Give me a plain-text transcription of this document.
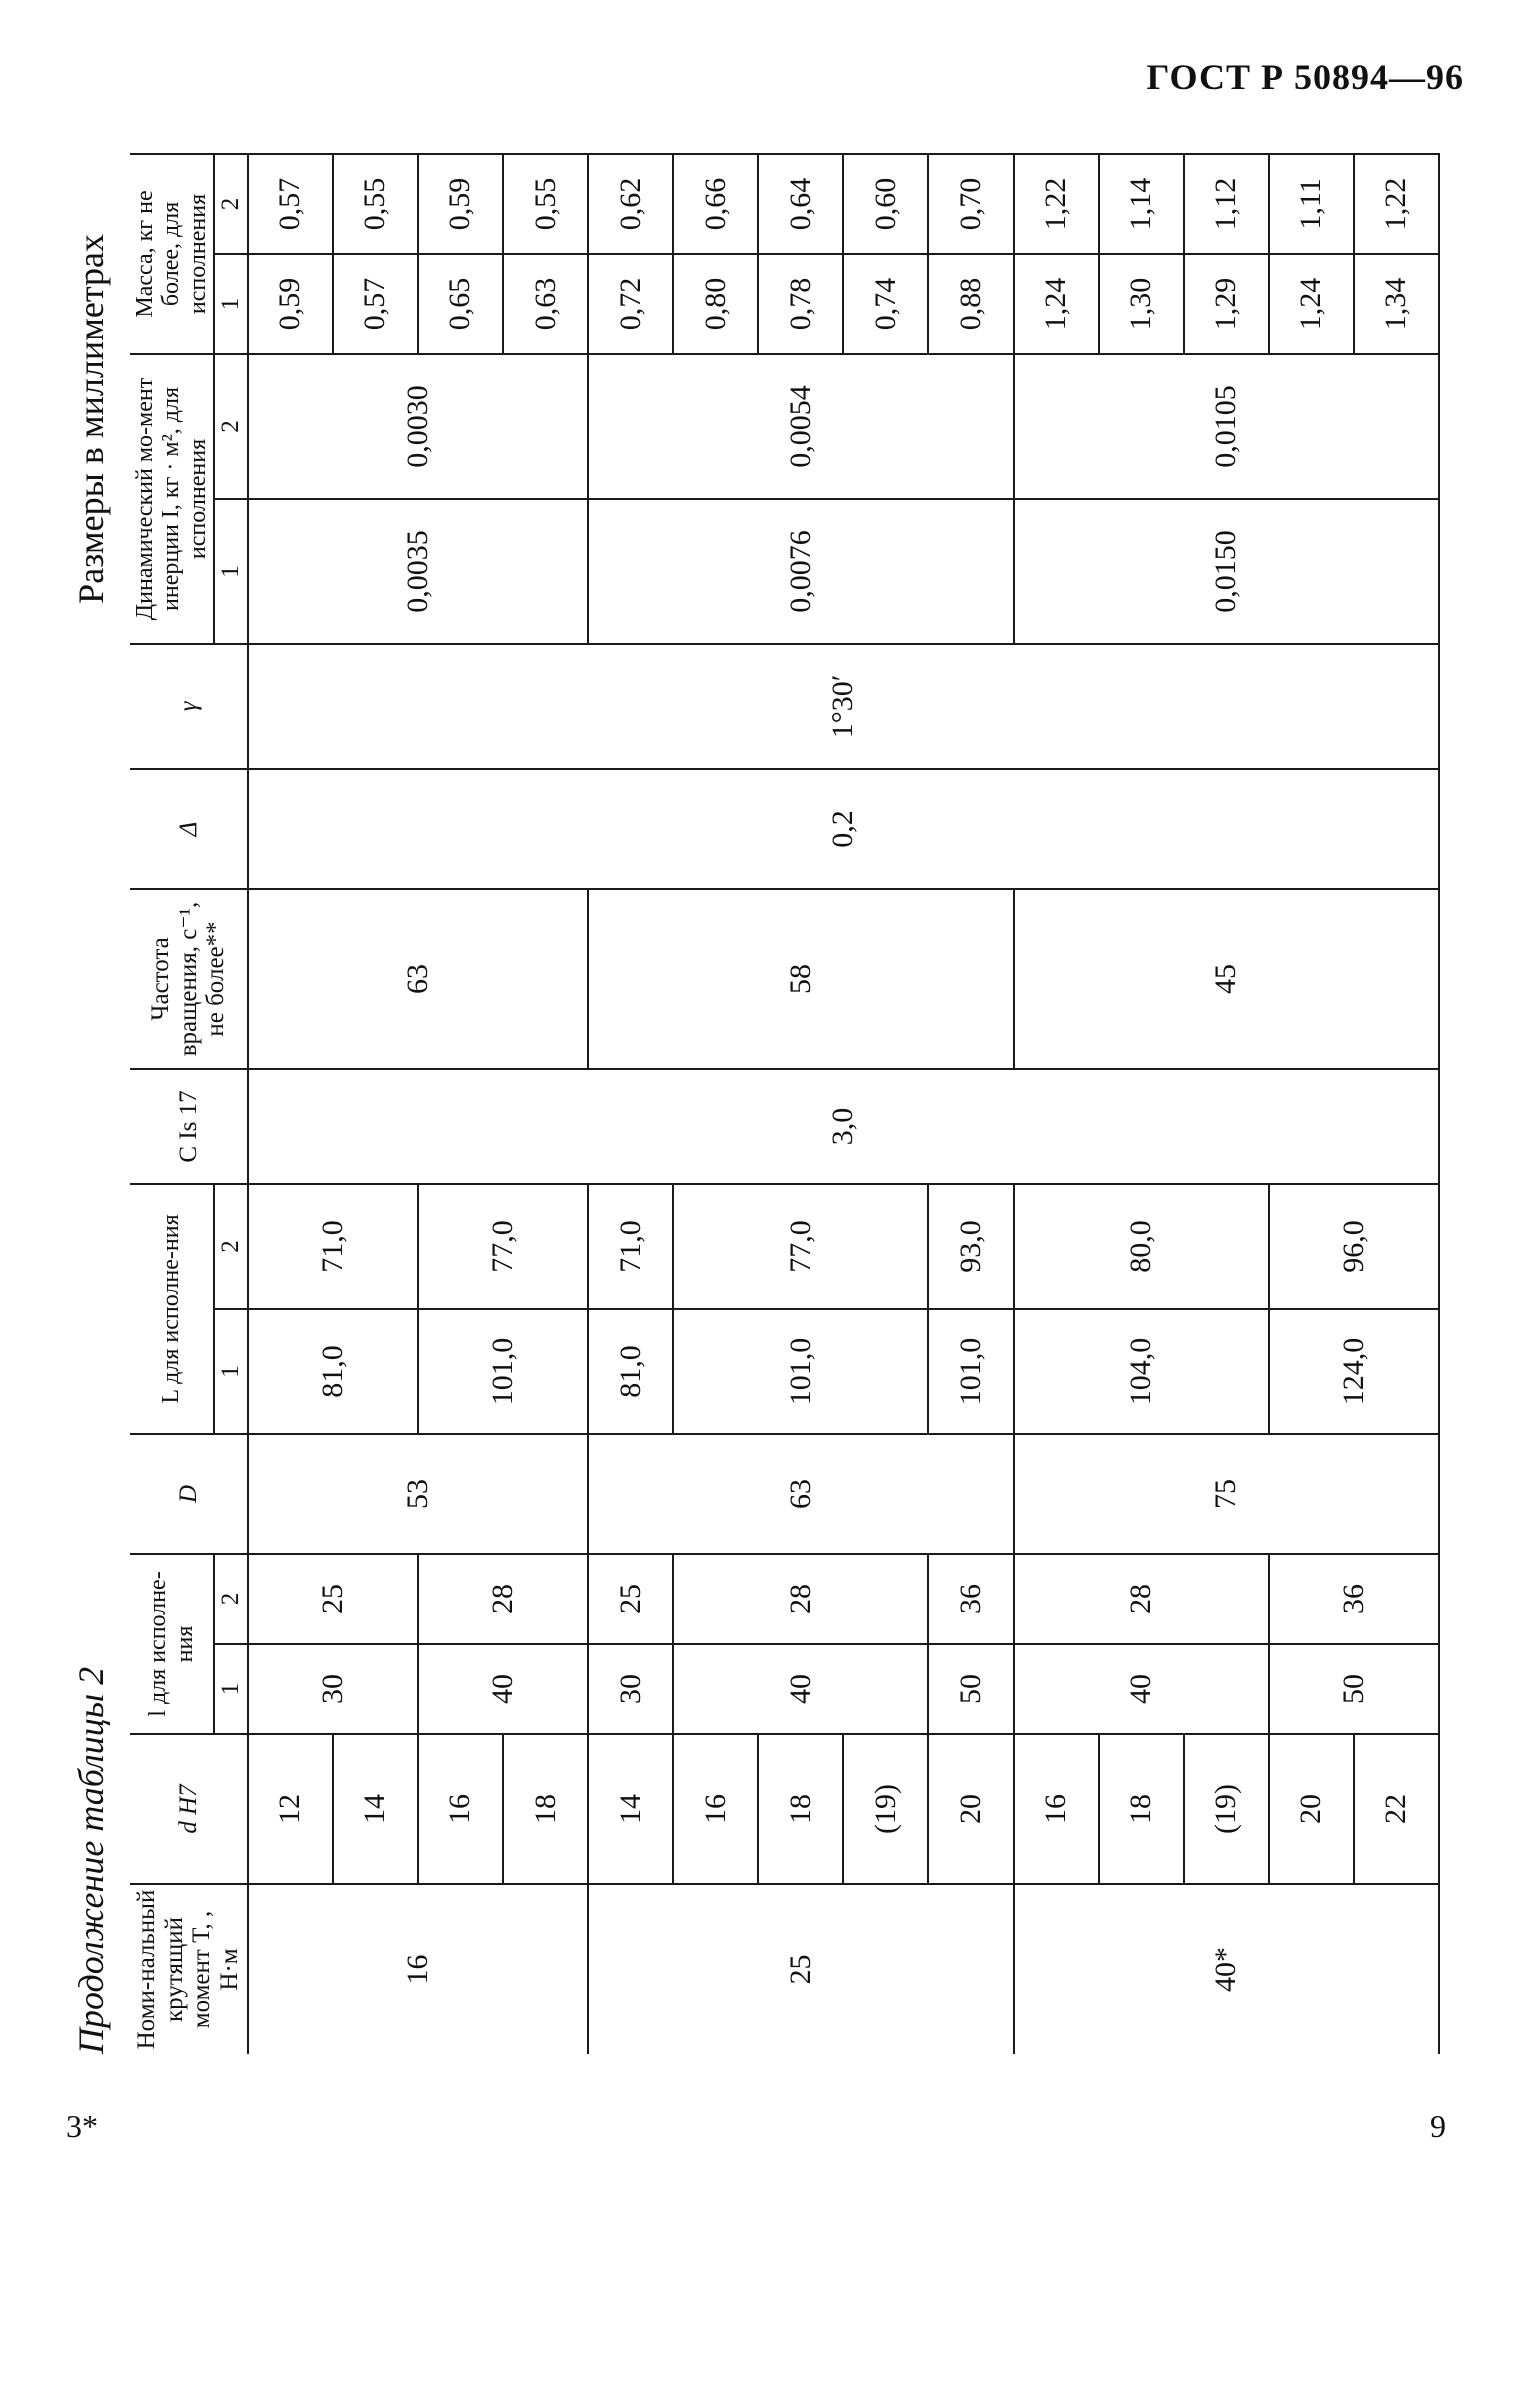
ГОСТ Р 50894—96
Продолжение таблицы 2
Размеры в миллиметрах
Номи-нальный крутящий момент T, , Н·м	d H7	l для исполне-ния		D	L для исполне-ния		C Is 17	Частота вращения, с⁻¹, не более**	Δ	γ	Динамический мо-мент инерции I, кг · м², для исполнения		Масса, кг не более, для исполнения	
		1	2		1	2					1	2	1	2
16	12	30	25	53	81,0	71,0	3,0	63	0,2	1°30′	0,0035	0,0030	0,59	0,57
	14												0,57	0,55
	16	40	28		101,0	77,0							0,65	0,59
	18												0,63	0,55
25	14	30	25	63	81,0	71,0		58			0,0076	0,0054	0,72	0,62
	16	40	28		101,0	77,0							0,80	0,66
	18												0,78	0,64
	(19)												0,74	0,60
	20	50	36		101,0	93,0							0,88	0,70
40*	16	40	28	75	104,0	80,0		45			0,0150	0,0105	1,24	1,22
	18												1,30	1,14
	(19)												1,29	1,12
	20	50	36		124,0	96,0							1,24	1,11
	22												1,34	1,22
3*	9
